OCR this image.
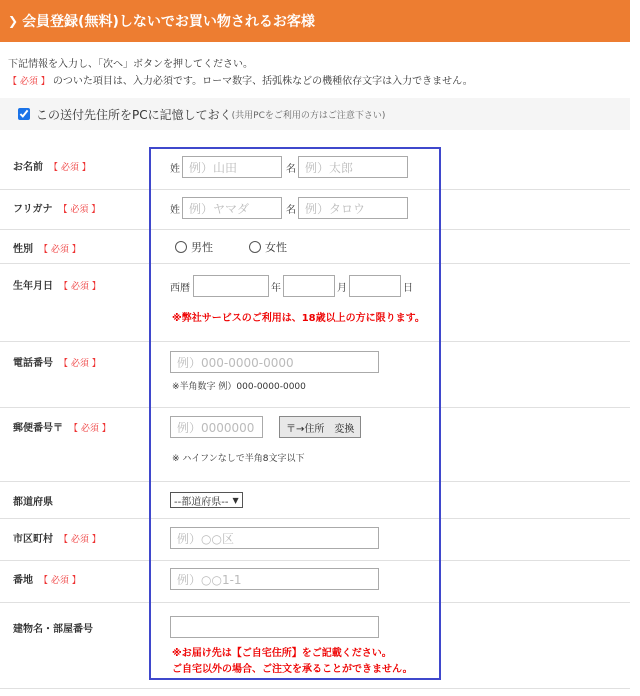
❯ 会員登録(無料)しないでお買い物されるお客様
下記情報を入力し、「次へ」ボタンを押してください。
【 必須 】 のついた項目は、入力必須です。ローマ数字、括弧株などの機種依存文字は入力できません。
この送付先住所をPCに記憶しておく (共用PCをご利用の方はご注意下さい)
お名前 【 必須 】	姓 例）山田	名 例）太郎
フリガナ 【 必須 】	姓 例）ヤマダ	名 例）タロウ
性別 【 必須 】	男性	女性
生年月日 【 必須 】	西暦	年	月	日
※弊社サービスのご利用は、18歳以上の方に限ります。
電話番号 【 必須 】	例）000-0000-0000
※半角数字 例）000-0000-0000
郵便番号〒 【 必須 】	例）0000000	〒→住所　変換
※ ハイフンなしで半角8文字以下
都道府県	--都道府県-- ▼
市区町村 【 必須 】	例）○○区
番地 【 必須 】	例）○○1-1
建物名・部屋番号
※お届け先は【ご自宅住所】をご記載ください。
ご自宅以外の場合、ご注文を承ることができません。
